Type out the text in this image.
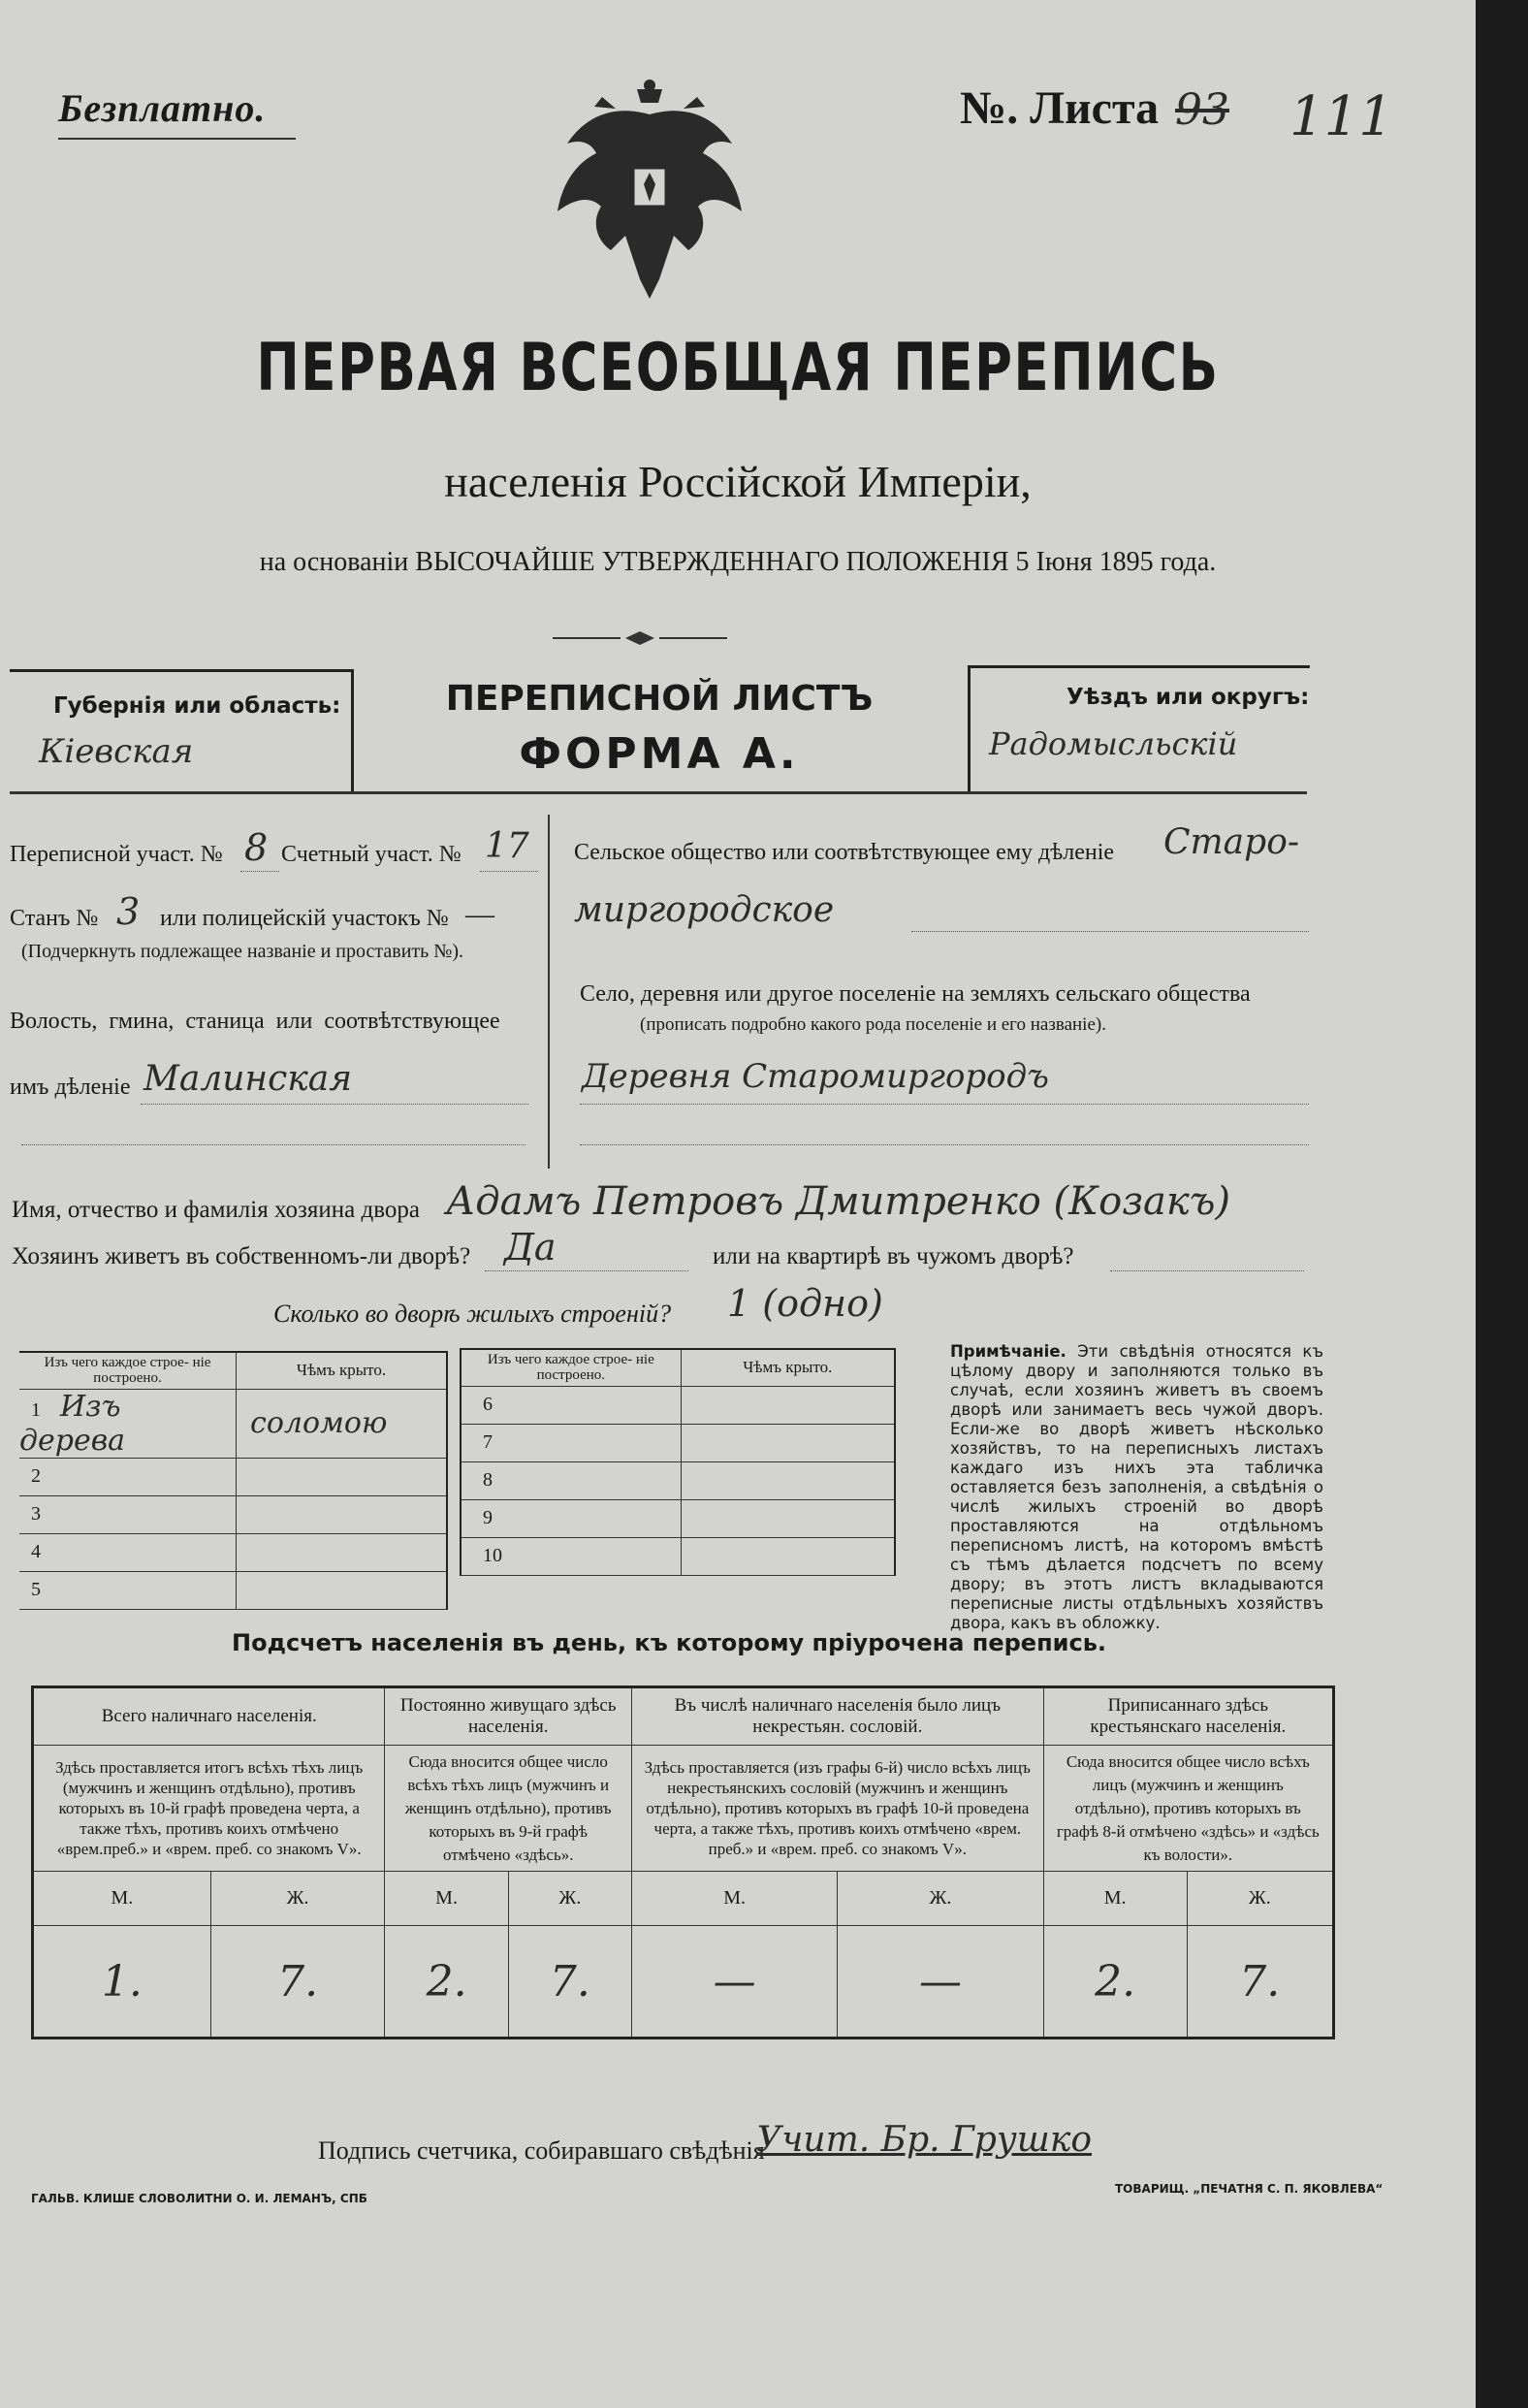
Безплатно.	№. Листа 93 111
ПЕРВАЯ ВСЕОБЩАЯ ПЕРЕПИСЬ
населенія Россійской Имперіи,
на основаніи ВЫСОЧАЙШЕ УТВЕРЖДЕННАГО ПОЛОЖЕНІЯ 5 Іюня 1895 года.
Губернія или область:
Кіевская
ПЕРЕПИСНОЙ ЛИСТЪ
ФОРМА А.
Уѣздъ или округъ:
Радомысльскій
Переписной участ. № 8 Счетный участ. № 17
Станъ № 3 или полицейскій участокъ № —
(Подчеркнуть подлежащее названіе и проставить №).
Волость, гмина, станица или соотвѣтствующее
имъ дѣленіе Малинская
Сельское общество или соотвѣтствующее ему дѣленіе Старо-
миргородское
Село, деревня или другое поселеніе на земляхъ сельскаго общества
(прописать подробно какого рода поселеніе и его названіе).
Деревня Старомиргородъ
Имя, отчество и фамилія хозяина двора Адамъ Петровъ Дмитренко (Козакъ)
Хозяинъ живетъ въ собственномъ-ли дворѣ? Да	или на квартирѣ въ чужомъ дворѣ?
Сколько во дворѣ жилыхъ строеній? 1 (одно)
Изъ чего каждое строе- ніе построено.	Чѣмъ крыто.
1 Изъ дерева	соломою
2	
3	
4	
5	
Изъ чего каждое строе- ніе построено.	Чѣмъ крыто.
6	
7	
8	
9	
10	
Примѣчаніе. Эти свѣдѣнія относятся къ цѣлому двору и заполняются только въ случаѣ, если хозяинъ живетъ въ своемъ дворѣ или занимаетъ весь чужой дворъ. Если-же во дворѣ живетъ нѣсколько хозяйствъ, то на переписныхъ листахъ каждаго изъ нихъ эта табличка оставляется безъ заполненія, а свѣдѣнія о числѣ жилыхъ строеній во дворѣ проставляются на отдѣльномъ переписномъ листѣ, на которомъ вмѣстѣ съ тѣмъ дѣлается подсчетъ по всему двору; въ этотъ листъ вкладываются переписные листы отдѣльныхъ хозяйствъ двора, какъ въ обложку.
Подсчетъ населенія въ день, къ которому пріурочена перепись.
Всего наличнаго населенія.		Постоянно живущаго здѣсь населенія.		Въ числѣ наличнаго населенія было лицъ некрестьян. сословій.		Приписаннаго здѣсь крестьянскаго населенія.	
Здѣсь проставляется итогъ всѣхъ тѣхъ лицъ (мужчинъ и женщинъ отдѣльно), противъ которыхъ въ 10-й графѣ проведена черта, а также тѣхъ, противъ коихъ отмѣчено «врем.преб.» и «врем. преб. со знакомъ V».		Сюда вносится общее число всѣхъ тѣхъ лицъ (мужчинъ и женщинъ отдѣльно), противъ которыхъ въ 9-й графѣ отмѣчено «здѣсь».		Здѣсь проставляется (изъ графы 6-й) число всѣхъ лицъ некрестьянскихъ сословій (мужчинъ и женщинъ отдѣльно), противъ которыхъ въ графѣ 10-й проведена черта, а также тѣхъ, противъ коихъ отмѣчено «врем. преб.» и «врем. преб. со знакомъ V».		Сюда вносится общее число всѣхъ лицъ (мужчинъ и женщинъ отдѣльно), противъ которыхъ въ графѣ 8-й отмѣчено «здѣсь» и «здѣсь къ волости».	
М.	Ж.	М.	Ж.	М.	Ж.	М.	Ж.
1.	7.	2.	7.	—	—	2.	7.
Подпись счетчика, собиравшаго свѣдѣнія
Учит. Бр. Грушко
ГАЛЬВ. КЛИШЕ СЛОВОЛИТНИ О. И. ЛЕМАНЪ, СПБ
ТОВАРИЩ. „ПЕЧАТНЯ С. П. ЯКОВЛЕВА“
